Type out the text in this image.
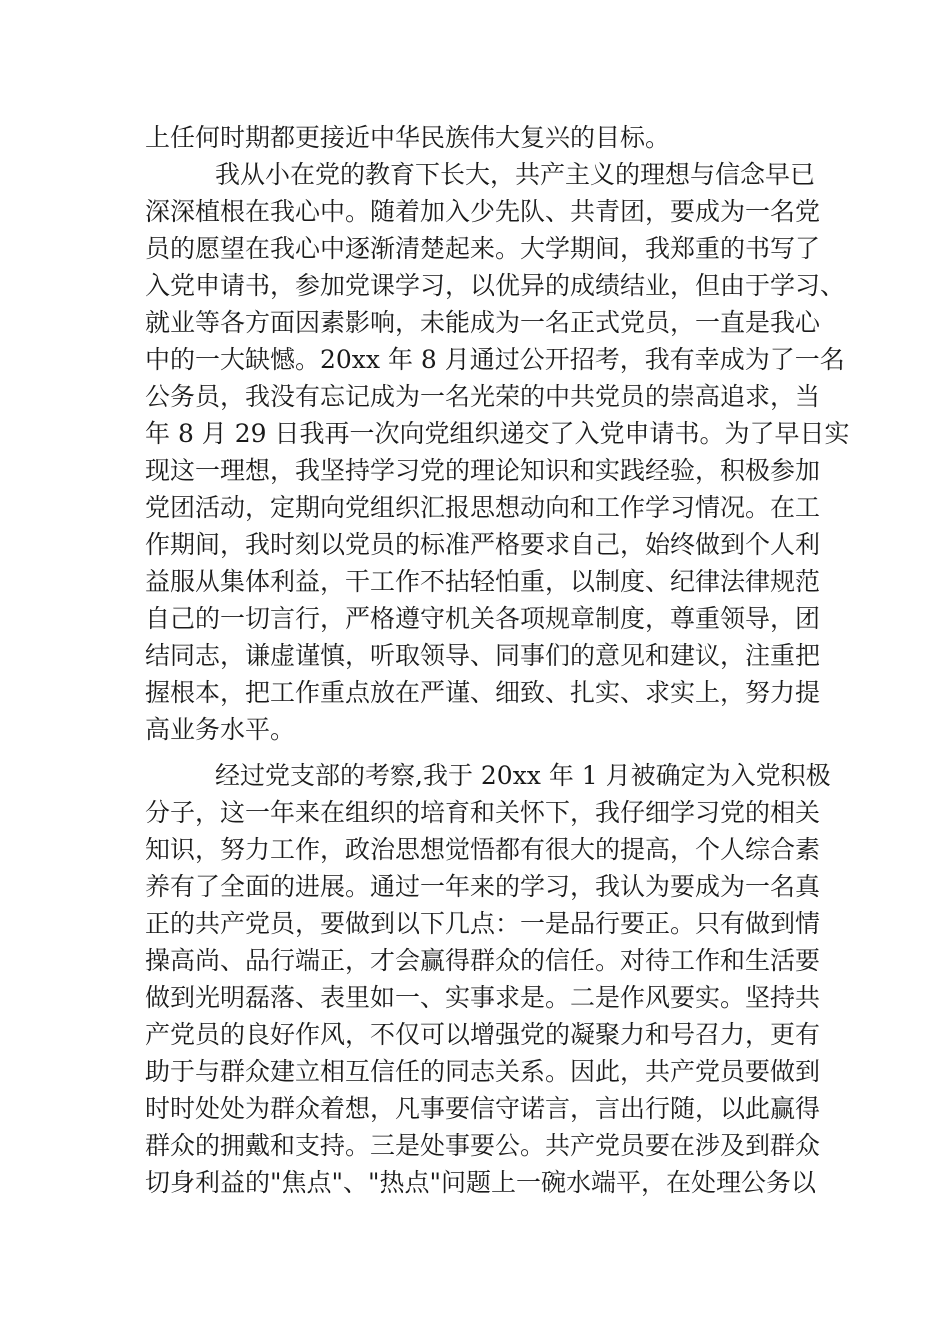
上任何时期都更接近中华民族伟大复兴的目标。
我从小在党的教育下长大，共产主义的理想与信念早已
深深植根在我心中。随着加入少先队、共青团，要成为一名党
员的愿望在我心中逐渐清楚起来。大学期间，我郑重的书写了
入党申请书，参加党课学习，以优异的成绩结业，但由于学习、
就业等各方面因素影响，未能成为一名正式党员，一直是我心
中的一大缺憾。20xx 年 8 月通过公开招考，我有幸成为了一名
公务员，我没有忘记成为一名光荣的中共党员的崇高追求，当
年 8 月 29 日我再一次向党组织递交了入党申请书。为了早日实
现这一理想，我坚持学习党的理论知识和实践经验，积极参加
党团活动，定期向党组织汇报思想动向和工作学习情况。在工
作期间，我时刻以党员的标准严格要求自己，始终做到个人利
益服从集体利益，干工作不拈轻怕重，以制度、纪律法律规范
自己的一切言行，严格遵守机关各项规章制度，尊重领导，团
结同志，谦虚谨慎，听取领导、同事们的意见和建议，注重把
握根本，把工作重点放在严谨、细致、扎实、求实上，努力提
高业务水平。
经过党支部的考察,我于 20xx 年 1 月被确定为入党积极
分子，这一年来在组织的培育和关怀下，我仔细学习党的相关
知识，努力工作，政治思想觉悟都有很大的提高，个人综合素
养有了全面的进展。通过一年来的学习，我认为要成为一名真
正的共产党员，要做到以下几点：一是品行要正。只有做到情
操高尚、品行端正，才会赢得群众的信任。对待工作和生活要
做到光明磊落、表里如一、实事求是。二是作风要实。坚持共
产党员的良好作风，不仅可以增强党的凝聚力和号召力，更有
助于与群众建立相互信任的同志关系。因此，共产党员要做到
时时处处为群众着想，凡事要信守诺言，言出行随，以此赢得
群众的拥戴和支持。三是处事要公。共产党员要在涉及到群众
切身利益的"焦点"、"热点"问题上一碗水端平，在处理公务以
